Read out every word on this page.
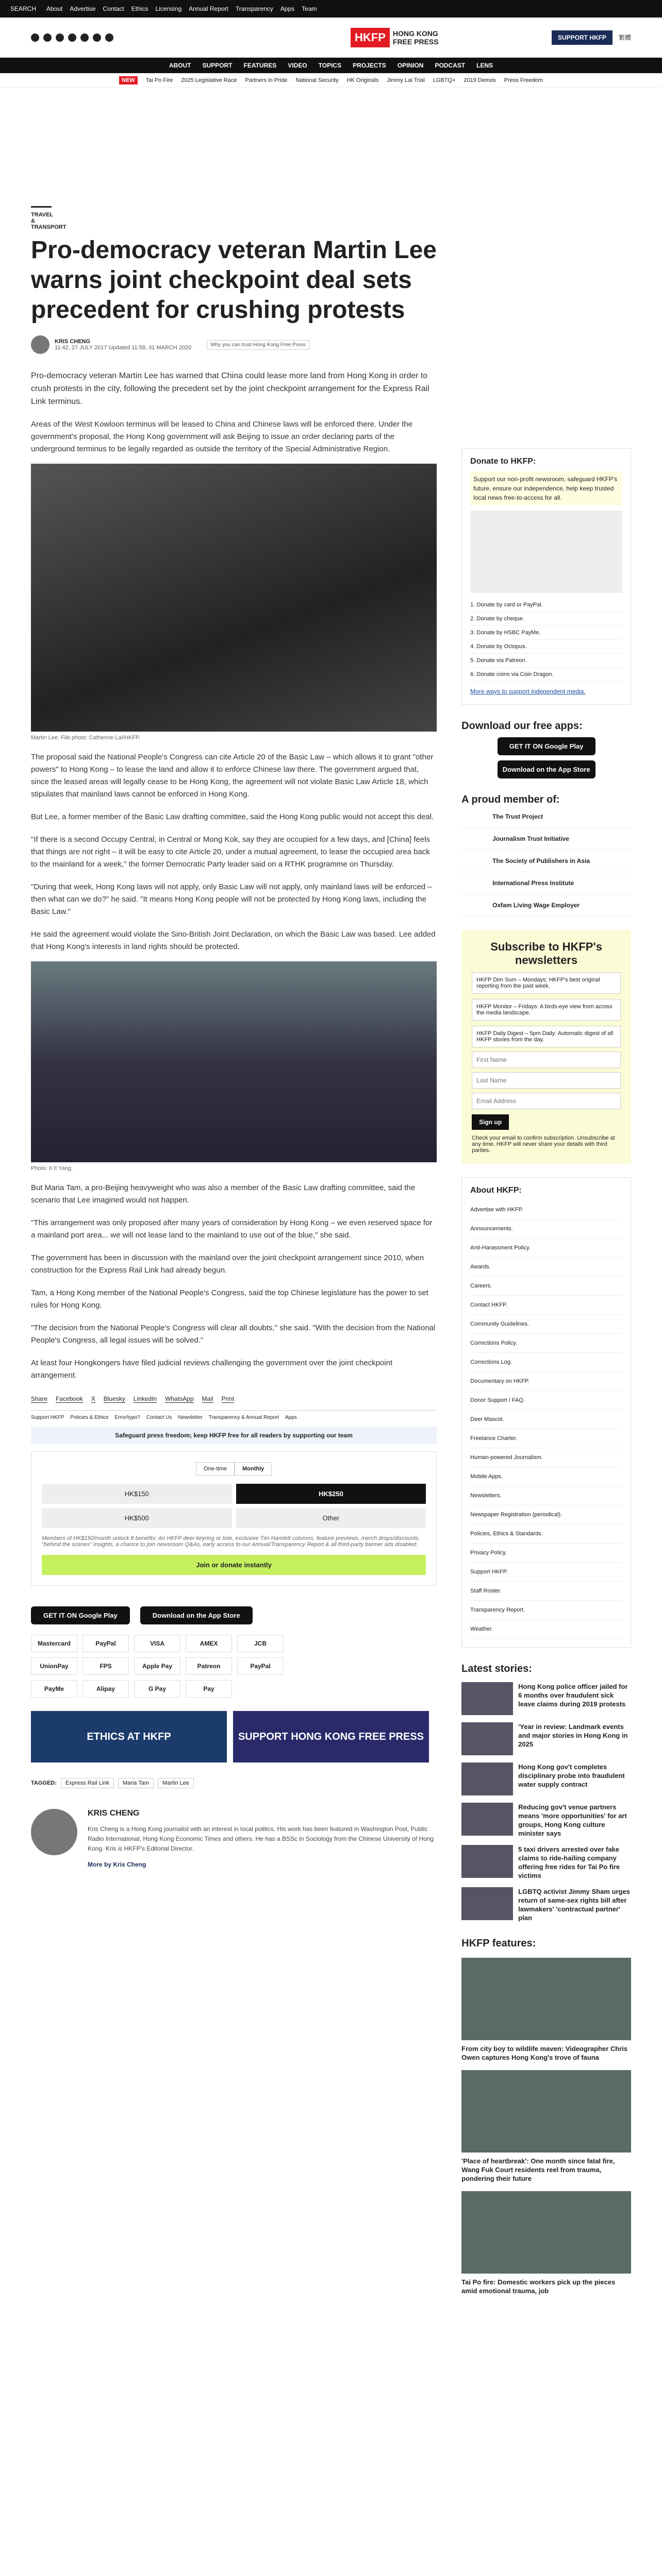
SEARCH About Advertise Contact Ethics Licensing Annual Report Transparency Apps Team
HKFP	HONG KONG
FREE PRESS	SUPPORT HKFP	繁體
ABOUT SUPPORT FEATURES VIDEO TOPICS PROJECTS OPINION PODCAST LENS
NEW	Tai Po Fire 2025 Legislative Race Partners in Pride National Security HK Originals Jimmy Lai Trial LGBTQ+ 2019 Demos Press Freedom
TRAVEL & TRANSPORT
Pro-democracy veteran Martin Lee warns joint checkpoint deal sets precedent for crushing protests
KRIS CHENG
11:42, 27 JULY 2017 Updated 11:58, 31 MARCH 2020	Why you can trust Hong Kong Free Press

Pro-democracy veteran Martin Lee has warned that China could lease more land from Hong Kong in order to crush protests in the city, following the precedent set by the joint checkpoint arrangement for the Express Rail Link terminus.

Areas of the West Kowloon terminus will be leased to China and Chinese laws will be enforced there. Under the government's proposal, the Hong Kong government will ask Beijing to issue an order declaring parts of the underground terminus to be legally regarded as outside the territory of the Special Administrative Region.

Martin Lee. File photo: Catherine Lai/HKFP.

The proposal said the National People's Congress can cite Article 20 of the Basic Law – which allows it to grant "other powers" to Hong Kong – to lease the land and allow it to enforce Chinese law there. The government argued that, since the leased areas will legally cease to be Hong Kong, the agreement will not violate Basic Law Article 18, which stipulates that mainland laws cannot be enforced in Hong Kong.

But Lee, a former member of the Basic Law drafting committee, said the Hong Kong public would not accept this deal.

"If there is a second Occupy Central, in Central or Mong Kok, say they are occupied for a few days, and [China] feels that things are not right – it will be easy to cite Article 20, under a mutual agreement, to lease the occupied area back to the mainland for a week," the former Democratic Party leader said on a RTHK programme on Thursday.

"During that week, Hong Kong laws will not apply, only Basic Law will not apply, only mainland laws will be enforced – then what can we do?" he said. "It means Hong Kong people will not be protected by Hong Kong laws, including the Basic Law."

He said the agreement would violate the Sino-British Joint Declaration, on which the Basic Law was based. Lee added that Hong Kong's interests in land rights should be protected.

Photo: It It Yang.

But Maria Tam, a pro-Beijing heavyweight who was also a member of the Basic Law drafting committee, said the scenario that Lee imagined would not happen.

"This arrangement was only proposed after many years of consideration by Hong Kong – we even reserved space for a mainland port area... we will not lease land to the mainland to use out of the blue," she said.

The government has been in discussion with the mainland over the joint checkpoint arrangement since 2010, when construction for the Express Rail Link had already begun.

Tam, a Hong Kong member of the National People's Congress, said the top Chinese legislature has the power to set rules for Hong Kong.

"The decision from the National People's Congress will clear all doubts," she said. "With the decision from the National People's Congress, all legal issues will be solved."

At least four Hongkongers have filed judicial reviews challenging the government over the joint checkpoint arrangement.

Share Facebook X Bluesky LinkedIn WhatsApp Mail Print
Support HKFP Policies & Ethics Error/typo? Contact Us Newsletter Transparency & Annual Report Apps
Safeguard press freedom; keep HKFP free for all readers by supporting our team
One-time	Monthly
HK$150	HK$250
HK$500	Other
Members of HK$150/month unlock 8 benefits: An HKFP deer keyring or tote, exclusive Tim Hamlett columns, feature previews, merch drops/discounts, "behind the scenes" insights, a chance to join newsroom Q&As, early access to our Annual/Transparency Report & all third-party banner ads disabled.
Join or donate instantly
GET IT ON Google Play	Download on the App Store
Mastercard	PayPal	VISA	AMEX	JCB
UnionPay	FPS	Apple Pay	Patreon	PayPal
PayMe	Alipay	G Pay	Pay
ETHICS AT HKFP	SUPPORT HONG KONG FREE PRESS
TAGGED:	Express Rail Link	Maria Tam	Martin Lee
KRIS CHENG

Kris Cheng is a Hong Kong journalist with an interest in local politics. His work has been featured in Washington Post, Public Radio International, Hong Kong Economic Times and others. He has a BSSc in Sociology from the Chinese University of Hong Kong. Kris is HKFP's Editorial Director.

More by Kris Cheng

Donate to HKFP:

Support our non-profit newsroom, safeguard HKFP's future, ensure our independence, help keep trusted local news free-to-access for all.

1. Donate by card or PayPal.
2. Donate by cheque.
3. Donate by HSBC PayMe.
4. Donate by Octopus.
5. Donate via Patreon.
6. Donate coins via Coin Dragon.

More ways to support independent media.

Download our free apps:
GET IT ON Google Play
Download on the App Store
A proud member of:
The Trust Project
Journalism Trust Initiative
The Society of Publishers in Asia
International Press Institute
Oxfam Living Wage Employer
Subscribe to HKFP's newsletters
HKFP Dim Sum – Mondays: HKFP's best original reporting from the past week.
HKFP Monitor – Fridays: A birds-eye view from across the media landscape.
HKFP Daily Digest – 5pm Daily: Automatic digest of all HKFP stories from the day.
First Name Last Name Email Address Sign up

Check your email to confirm subscription. Unsubscribe at any time. HKFP will never share your details with third parties.

About HKFP:
Advertise with HKFP.
Announcements.
Anti-Harassment Policy.
Awards.
Careers.
Contact HKFP.
Community Guidelines.
Corrections Policy.
Corrections Log.
Documentary on HKFP.
Donor Support / FAQ.
Deer Mascot.
Freelance Charter.
Human-powered Journalism.
Mobile Apps.
Newsletters.
Newspaper Registration (periodical).
Policies, Ethics & Standards.
Privacy Policy.
Support HKFP.
Staff Roster.
Transparency Report.
Weather.
Latest stories:
Hong Kong police officer jailed for 6 months over fraudulent sick leave claims during 2019 protests
'Year in review: Landmark events and major stories in Hong Kong in 2025
Hong Kong gov't completes disciplinary probe into fraudulent water supply contract
Reducing gov't venue partners means 'more opportunities' for art groups, Hong Kong culture minister says
5 taxi drivers arrested over fake claims to ride-hailing company offering free rides for Tai Po fire victims
LGBTQ activist Jimmy Sham urges return of same-sex rights bill after lawmakers' 'contractual partner' plan
HKFP features:
From city boy to wildlife maven: Videographer Chris Owen captures Hong Kong's trove of fauna
'Place of heartbreak': One month since fatal fire, Wang Fuk Court residents reel from trauma, pondering their future
Tai Po fire: Domestic workers pick up the pieces amid emotional trauma, job
